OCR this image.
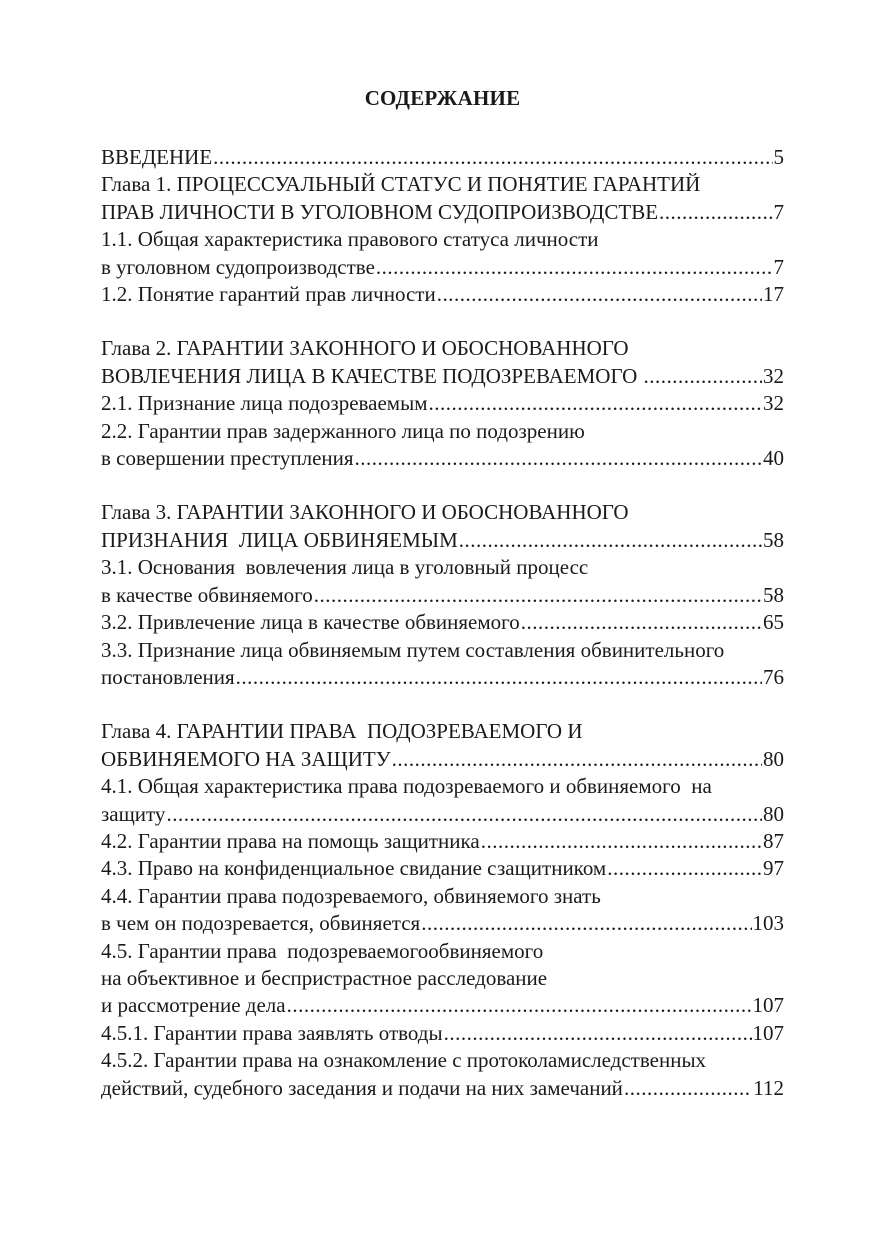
СОДЕРЖАНИЕ
ВВЕДЕНИЕ .....	5
Глава 1. ПРОЦЕССУАЛЬНЫЙ СТАТУС И ПОНЯТИЕ ГАРАНТИЙ
ПРАВ ЛИЧНОСТИ В УГОЛОВНОМ СУДОПРОИЗВОДСТВЕ .....	7
1.1. Общая характеристика правового статуса личности
в уголовном судопроизводстве .....	7
1.2. Понятие гарантий прав личности .....	17
Глава 2. ГАРАНТИИ ЗАКОННОГО И ОБОСНОВАННОГО
ВОВЛЕЧЕНИЯ ЛИЦА В КАЧЕСТВЕ ПОДОЗРЕВАЕМОГО .....	32
2.1. Признание лица подозреваемым .....	32
2.2. Гарантии прав задержанного лица по подозрению
в совершении преступления .....	40
Глава 3. ГАРАНТИИ ЗАКОННОГО И ОБОСНОВАННОГО
ПРИЗНАНИЯ  ЛИЦА ОБВИНЯЕМЫМ .....	58
3.1. Основания  вовлечения лица в уголовный процесс
в качестве обвиняемого .....	58
3.2. Привлечение лица в качестве обвиняемого .....	65
3.3. Признание лица обвиняемым путем составления обвинительного
постановления .....	76
Глава 4. ГАРАНТИИ ПРАВА  ПОДОЗРЕВАЕМОГО И
ОБВИНЯЕМОГО НА ЗАЩИТУ .....	80
4.1. Общая характеристика права подозреваемого и обвиняемого  на
защиту .....	80
4.2. Гарантии права на помощь защитника .....	87
4.3. Право на конфиденциальное свидание сзащитником .....	97
4.4. Гарантии права подозреваемого, обвиняемого знать
в чем он подозревается, обвиняется .....	103
4.5. Гарантии права  подозреваемогообвиняемого
на объективное и беспристрастное расследование
и рассмотрение дела .....	107
4.5.1. Гарантии права заявлять отводы .....	107
4.5.2. Гарантии права на ознакомление с протоколамиследственных
действий, судебного заседания и подачи на них замечаний .....	112
